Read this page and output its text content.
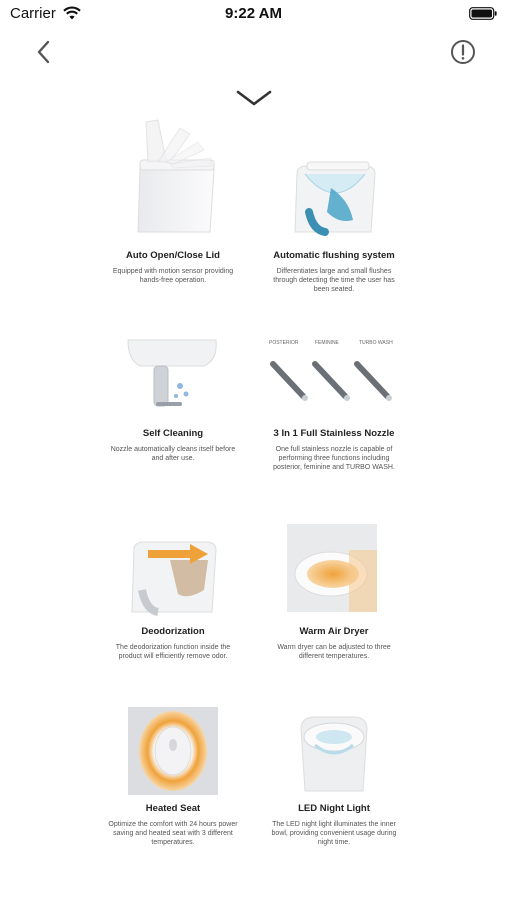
Carrier	9:22 AM
Auto Open/Close Lid
Equipped with motion sensor providing hands-free operation.
Automatic flushing system
Differentiates large and small flushes through detecting the time the user has been seated.
Self Cleaning
Nozzle automatically cleans itself before and after use.
POSTERIOR	FEMININE	TURBO WASH
3 In 1 Full Stainless Nozzle
One full stainless nozzle is capable of performing three functions including posterior, feminine and TURBO WASH.
Deodorization
The deodorization function inside the product will efficiently remove odor.
Warm Air Dryer
Warm dryer can be adjusted to three different temperatures.
Heated Seat
Optimize the comfort with 24 hours power saving and heated seat with 3 different temperatures.
LED Night Light
The LED night light illuminates the inner bowl, providing convenient usage during night time.
